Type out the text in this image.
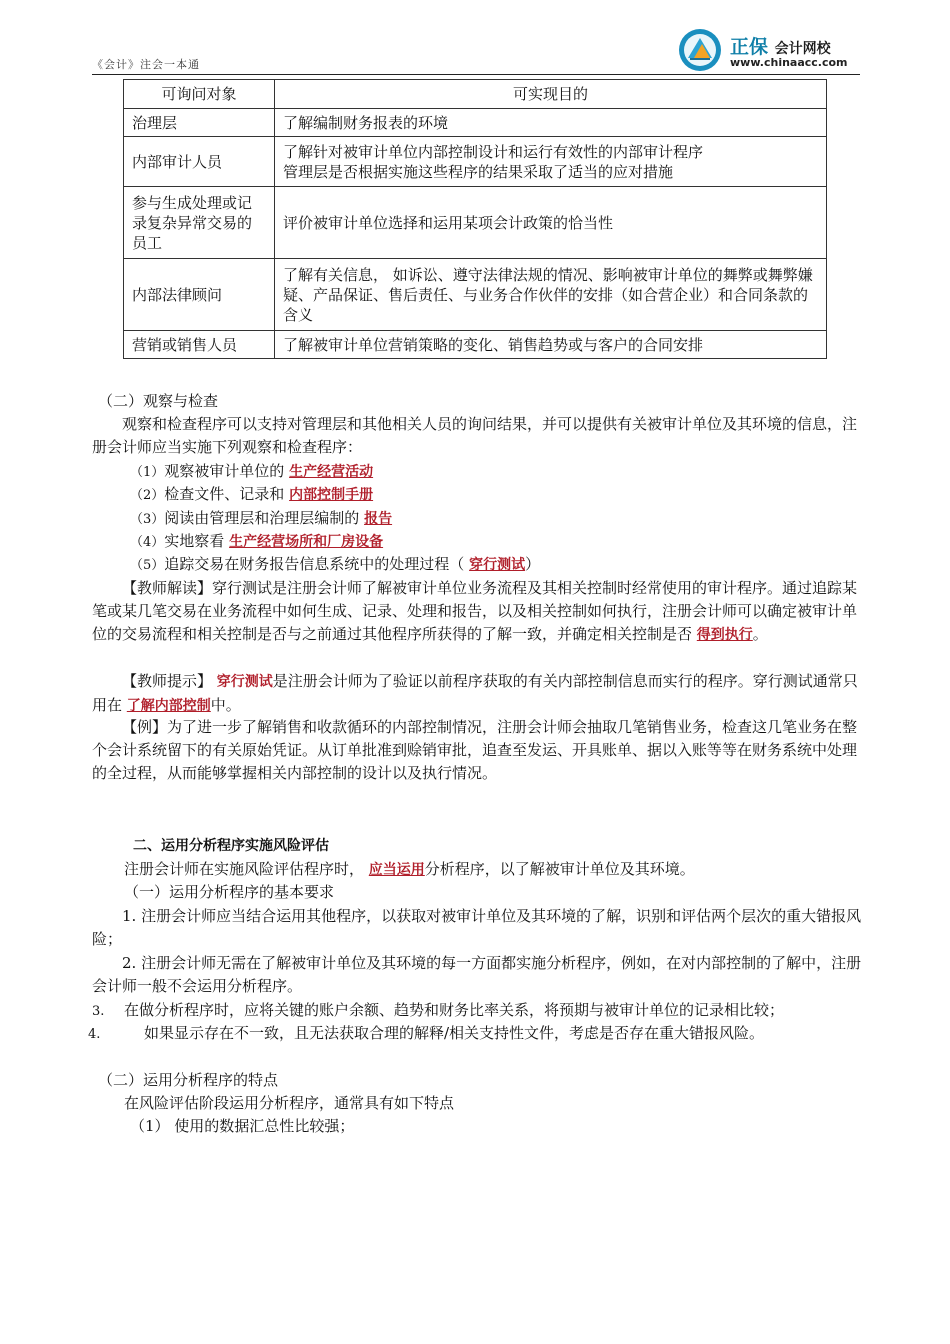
《会计》注会一本通
正保 会计网校
www.chinaacc.com
可询问对象	可实现目的
治理层	了解编制财务报表的环境
内部审计人员	了解针对被审计单位内部控制设计和运行有效性的内部审计程序
管理层是否根据实施这些程序的结果采取了适当的应对措施

参与生成处理或记录复杂异常交易的员工	评价被审计单位选择和运用某项会计政策的恰当性
内部法律顾问	了解有关信息， 如诉讼、遵守法律法规的情况、影响被审计单位的舞弊或舞弊嫌疑、产品保证、售后责任、与业务合作伙伴的安排（如合营企业）和合同条款的含义
营销或销售人员	了解被审计单位营销策略的变化、销售趋势或与客户的合同安排
（二）观察与检查
观察和检查程序可以支持对管理层和其他相关人员的询问结果，并可以提供有关被审计单位及其环境的信息，注册会计师应当实施下列观察和检查程序：
（1）观察被审计单位的 生产经营活动
（2）检查文件、记录和 内部控制手册
（3）阅读由管理层和治理层编制的 报告
（4）实地察看 生产经营场所和厂房设备
（5）追踪交易在财务报告信息系统中的处理过程（ 穿行测试）
【教师解读】穿行测试是注册会计师了解被审计单位业务流程及其相关控制时经常使用的审计程序。通过追踪某笔或某几笔交易在业务流程中如何生成、记录、处理和报告，以及相关控制如何执行，注册会计师可以确定被审计单位的交易流程和相关控制是否与之前通过其他程序所获得的了解一致，并确定相关控制是否 得到执行。
【教师提示】 穿行测试是注册会计师为了验证以前程序获取的有关内部控制信息而实行的程序。穿行测试通常只用在 了解内部控制中。
【例】为了进一步了解销售和收款循环的内部控制情况，注册会计师会抽取几笔销售业务，检查这几笔业务在整个会计系统留下的有关原始凭证。从订单批准到赊销审批，追查至发运、开具账单、据以入账等等在财务系统中处理的全过程，从而能够掌握相关内部控制的设计以及执行情况。
二、运用分析程序实施风险评估
注册会计师在实施风险评估程序时， 应当运用分析程序，以了解被审计单位及其环境。
（一）运用分析程序的基本要求
1. 注册会计师应当结合运用其他程序，以获取对被审计单位及其环境的了解，识别和评估两个层次的重大错报风险；
2. 注册会计师无需在了解被审计单位及其环境的每一方面都实施分析程序，例如，在对内部控制的了解中，注册会计师一般不会运用分析程序。
3. 在做分析程序时，应将关键的账户余额、趋势和财务比率关系，将预期与被审计单位的记录相比较；
4.	如果显示存在不一致，且无法获取合理的解释/相关支持性文件，考虑是否存在重大错报风险。
（二）运用分析程序的特点
在风险评估阶段运用分析程序，通常具有如下特点
（1） 使用的数据汇总性比较强；
